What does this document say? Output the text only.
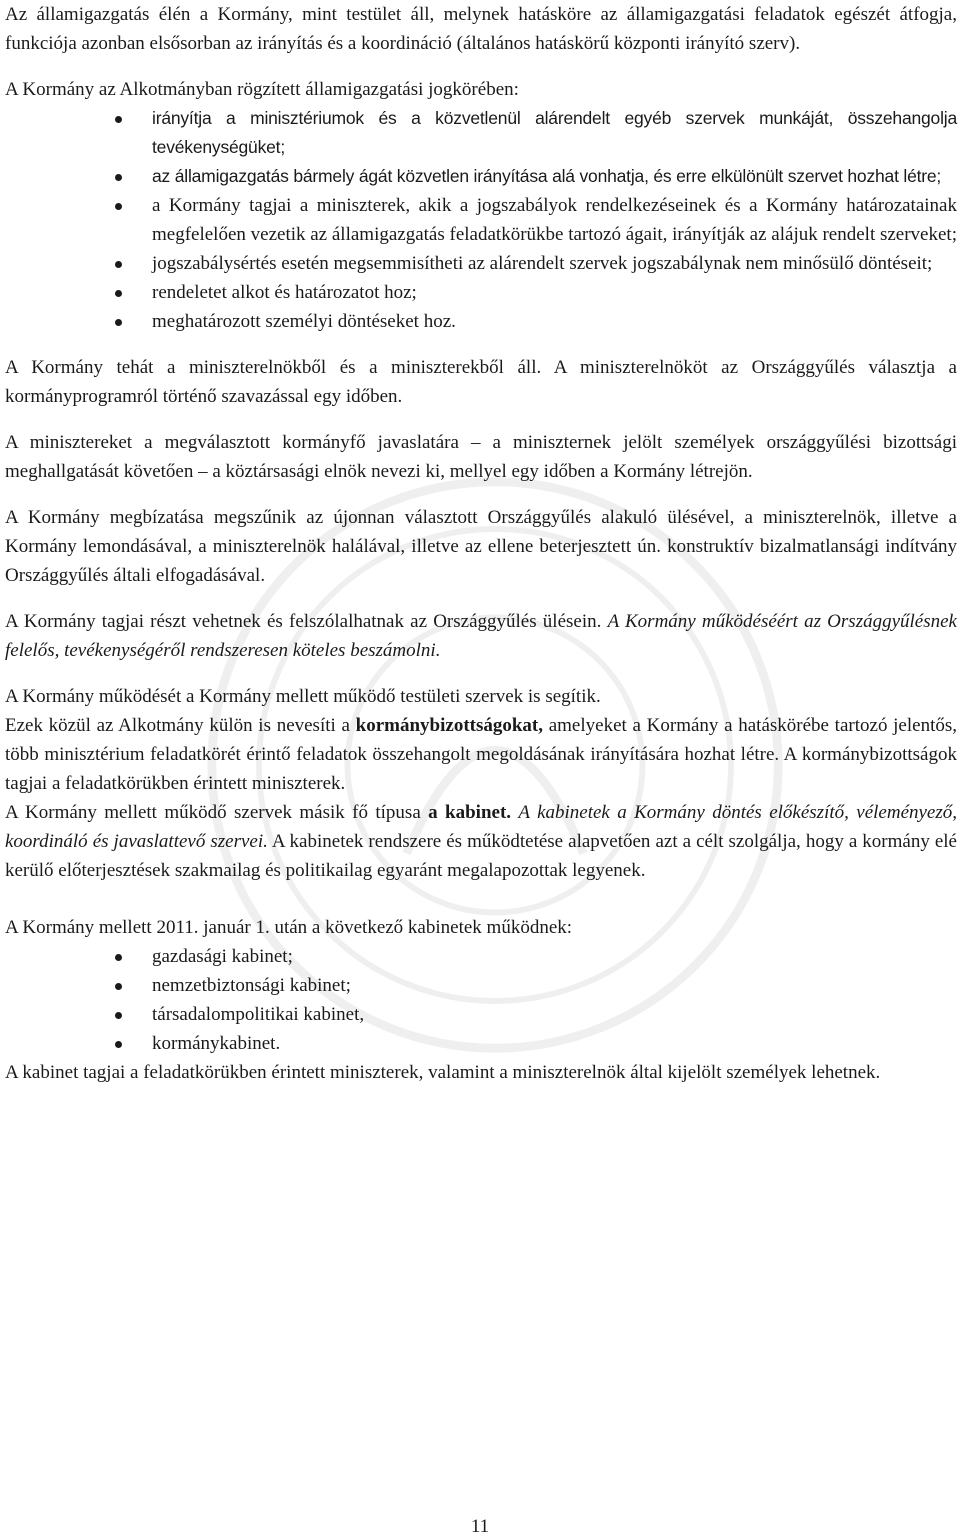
Az államigazgatás élén a Kormány, mint testület áll, melynek hatásköre az államigazgatási feladatok egészét átfogja, funkciója azonban elsősorban az irányítás és a koordináció (általános hatáskörű központi irányító szerv).

A Kormány az Alkotmányban rögzített államigazgatási jogkörében:

irányítja a minisztériumok és a közvetlenül alárendelt egyéb szervek munkáját, összehangolja tevékenységüket;
az államigazgatás bármely ágát közvetlen irányítása alá vonhatja, és erre elkülönült szervet hozhat létre;
a Kormány tagjai a miniszterek, akik a jogszabályok rendelkezéseinek és a Kormány határozatainak megfelelően vezetik az államigazgatás feladatkörükbe tartozó ágait, irányítják az alájuk rendelt szerveket;
jogszabálysértés esetén megsemmisítheti az alárendelt szervek jogszabálynak nem minősülő döntéseit;
rendeletet alkot és határozatot hoz;
meghatározott személyi döntéseket hoz.

A Kormány tehát a miniszterelnökből és a miniszterekből áll. A miniszterelnököt az Országgyűlés választja a kormányprogramról történő szavazással egy időben.

A minisztereket a megválasztott kormányfő javaslatára – a miniszternek jelölt személyek országgyűlési bizottsági meghallgatását követően – a köztársasági elnök nevezi ki, mellyel egy időben a Kormány létrejön.

A Kormány megbízatása megszűnik az újonnan választott Országgyűlés alakuló ülésével, a miniszterelnök, illetve a Kormány lemondásával, a miniszterelnök halálával, illetve az ellene beterjesztett ún. konstruktív bizalmatlansági indítvány Országgyűlés általi elfogadásával.

A Kormány tagjai részt vehetnek és felszólalhatnak az Országgyűlés ülésein. A Kormány működéséért az Országgyűlésnek felelős, tevékenységéről rendszeresen köteles beszámolni.

A Kormány működését a Kormány mellett működő testületi szervek is segítik.

Ezek közül az Alkotmány külön is nevesíti a kormánybizottságokat, amelyeket a Kormány a hatáskörébe tartozó jelentős, több minisztérium feladatkörét érintő feladatok összehangolt megoldásának irányítására hozhat létre. A kormánybizottságok tagjai a feladatkörükben érintett miniszterek.

A Kormány mellett működő szervek másik fő típusa a kabinet. A kabinetek a Kormány döntés előkészítő, véleményező, koordináló és javaslattevő szervei. A kabinetek rendszere és működtetése alapvetően azt a célt szolgálja, hogy a kormány elé kerülő előterjesztések szakmailag és politikailag egyaránt megalapozottak legyenek.

A Kormány mellett 2011. január 1. után a következő kabinetek működnek:

gazdasági kabinet;
nemzetbiztonsági kabinet;
társadalompolitikai kabinet,
kormánykabinet.

A kabinet tagjai a feladatkörükben érintett miniszterek, valamint a miniszterelnök által kijelölt személyek lehetnek.

11
